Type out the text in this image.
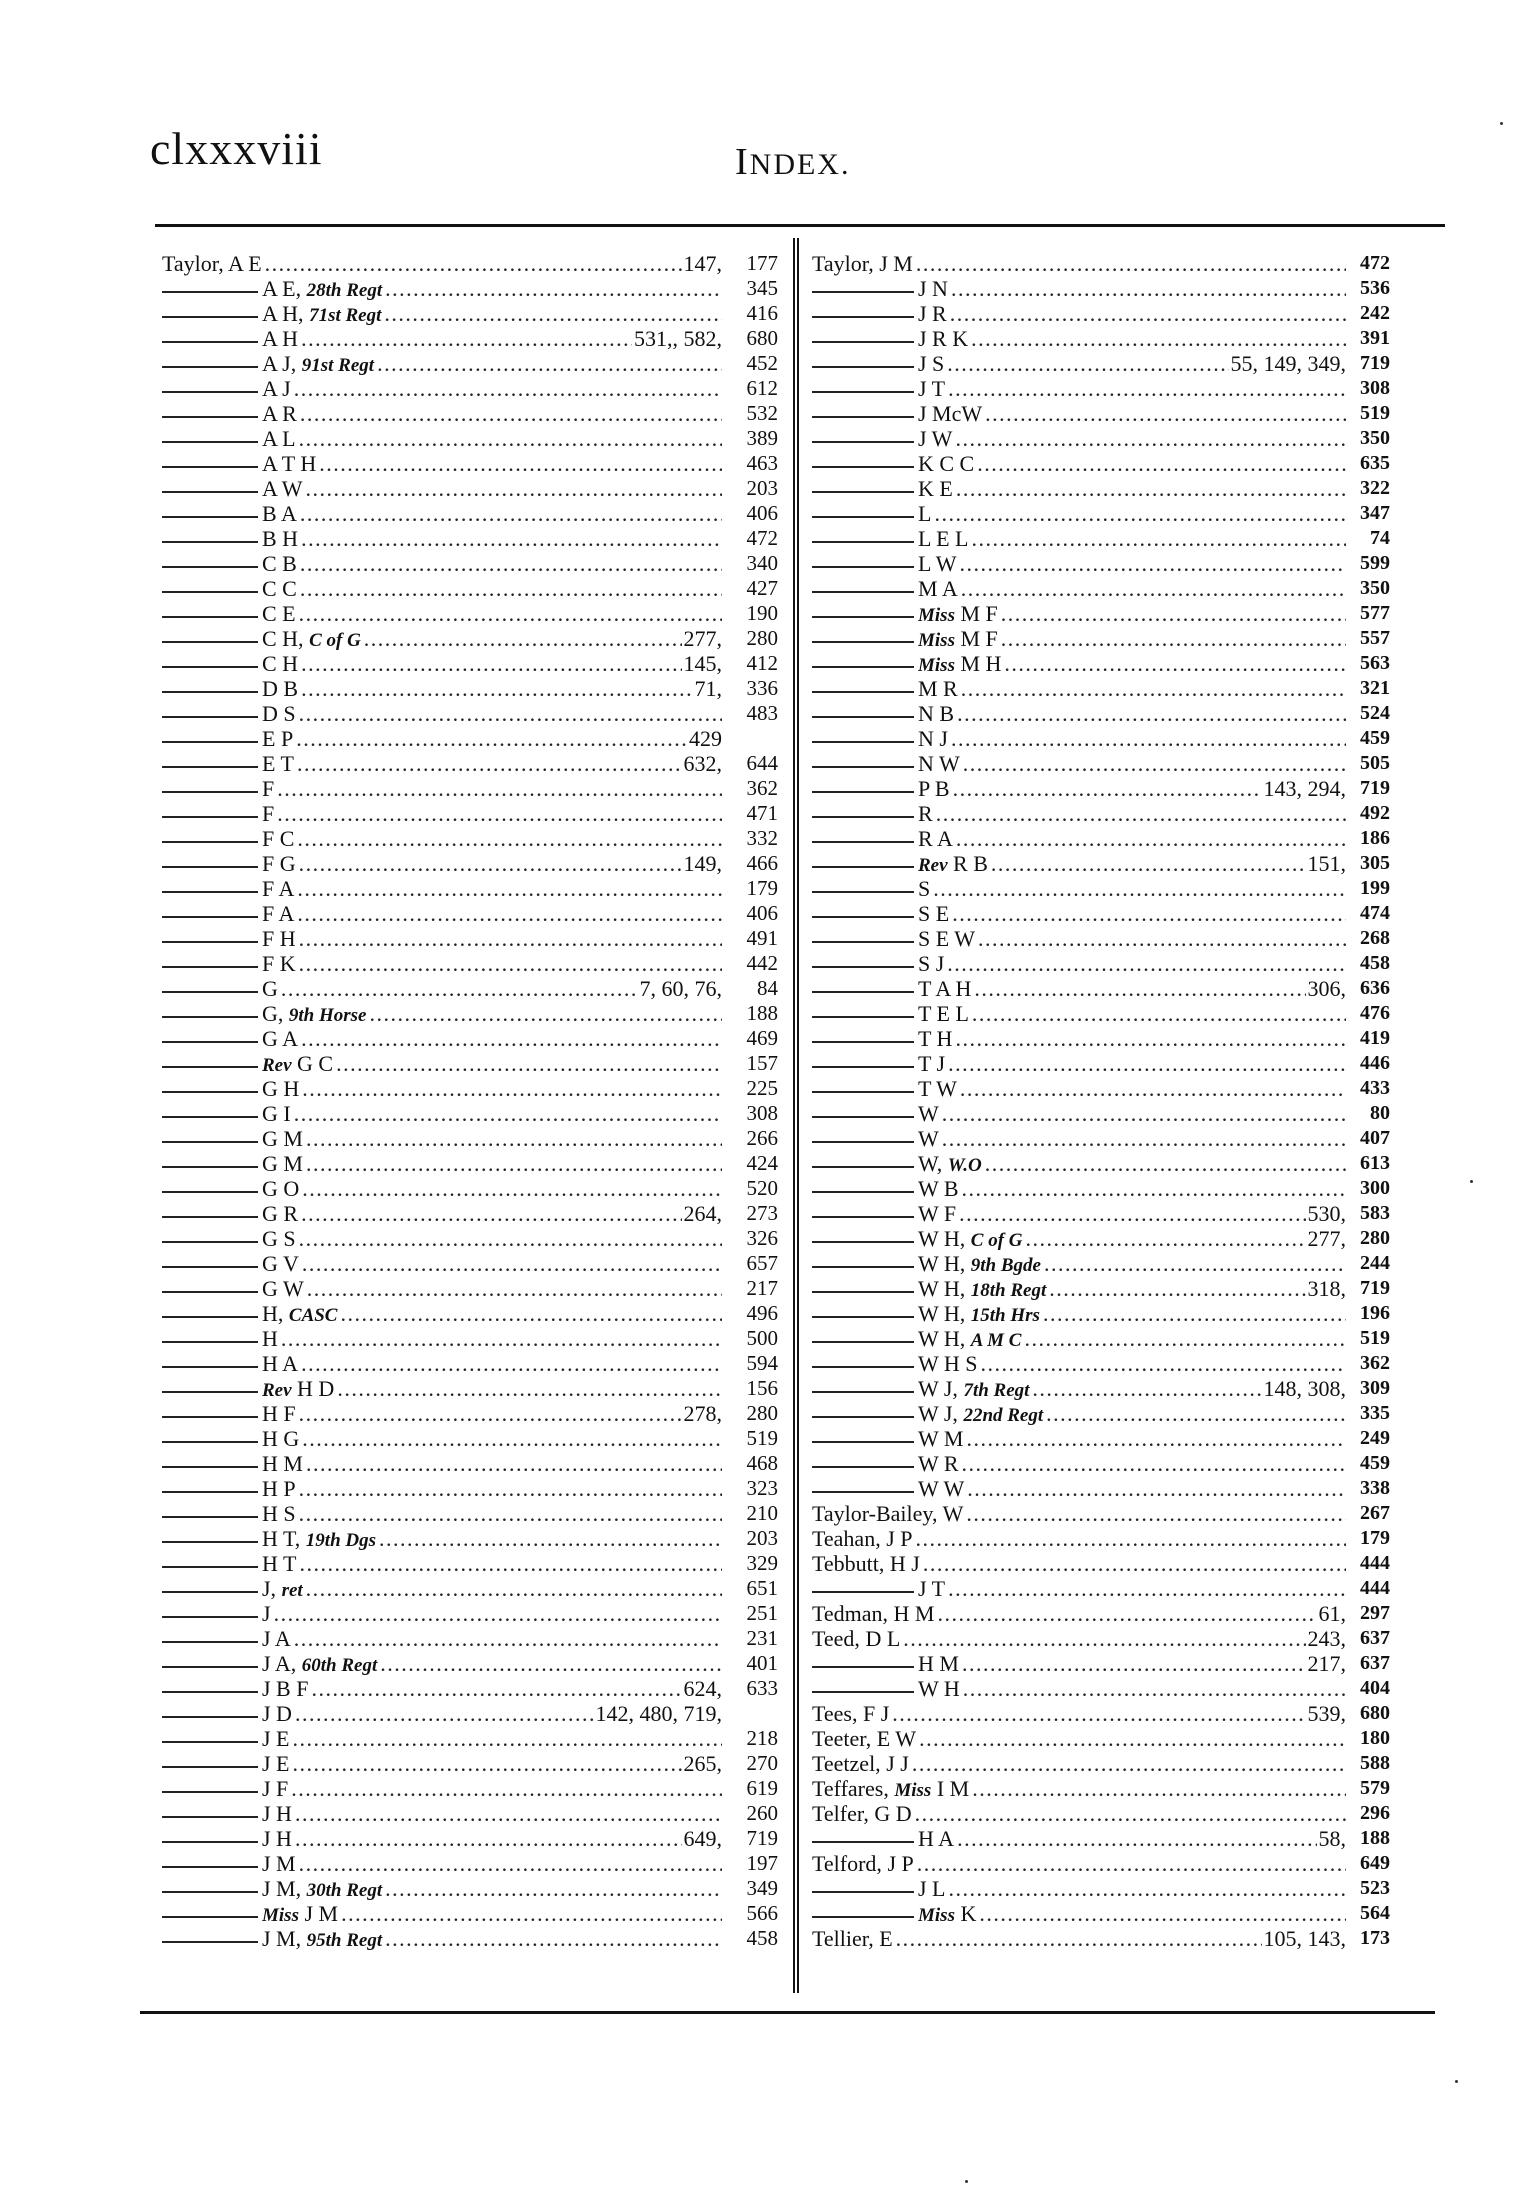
clxxxviii	INDEX.
Taylor, A E . . .	147,	177
A E, 28th Regt . . .	345
A H, 71st Regt . . .	416
A H . . .	531,, 582,	680
A J, 91st Regt . . .	452
A J . . .	612
A R . . .	532
A L . . .	389
A T H . . .	463
A W . . .	203
B A . . .	406
B H . . .	472
C B . . .	340
C C . . .	427
C E . . .	190
C H, C of G . . .	277,	280
C H . . .	145,	412
D B . . .	71,	336
D S . . .	483
E P . . .	429
E T . . .	632,	644
F . . .	362
F . . .	471
F C . . .	332
F G . . .	149,	466
F A . . .	179
F A . . .	406
F H . . .	491
F K . . .	442
G . . .	7, 60, 76,	84
G, 9th Horse . . .	188
G A . . .	469
Rev G C . . .	157
G H . . .	225
G I . . .	308
G M . . .	266
G M . . .	424
G O . . .	520
G R . . .	264,	273
G S . . .	326
G V . . .	657
G W . . .	217
H, CASC . . .	496
H . . .	500
H A . . .	594
Rev H D . . .	156
H F . . .	278,	280
H G . . .	519
H M . . .	468
H P . . .	323
H S . . .	210
H T, 19th Dgs . . .	203
H T . . .	329
J, ret . . .	651
J . . .	251
J A . . .	231
J A, 60th Regt . . .	401
J B F . . .	624,	633
J D . . .	142, 480, 719,
J E . . .	218
J E . . .	265,	270
J F . . .	619
J H . . .	260
J H . . .	649,	719
J M . . .	197
J M, 30th Regt . . .	349
Miss J M . . .	566
J M, 95th Regt . . .	458
Taylor, J M . . .	472
J N . . .	536
J R . . .	242
J R K . . .	391
J S . . .	55, 149, 349, 719
J T . . .	308
J McW . . .	519
J W . . .	350
K C C . . .	635
K E . . .	322
L . . .	347
L E L . . .	74
L W . . .	599
M A . . .	350
Miss M F . . .	577
Miss M F . . .	557
Miss M H . . .	563
M R . . .	321
N B . . .	524
N J . . .	459
N W . . .	505
P B . . .	143, 294, 719
R . . .	492
R A . . .	186
Rev R B . . .	151, 305
S . . .	199
S E . . .	474
S E W . . .	268
S J . . .	458
T A H . . .	306, 636
T E L . . .	476
T H . . .	419
T J . . .	446
T W . . .	433
W . . .	80
W . . .	407
W, W.O . . .	613
W B . . .	300
W F . . .	530, 583
W H, C of G . . .	277, 280
W H, 9th Bgde . . .	244
W H, 18th Regt . . .	318, 719
W H, 15th Hrs . . .	196
W H, A M C . . .	519
W H S . . .	362
W J, 7th Regt . . .	148, 308, 309
W J, 22nd Regt . . .	335
W M . . .	249
W R . . .	459
W W . . .	338
Taylor-Bailey, W . . .	267
Teahan, J P . . .	179
Tebbutt, H J . . .	444
J T . . .	444
Tedman, H M . . .	61, 297
Teed, D L . . .	243, 637
H M . . .	217, 637
W H . . .	404
Tees, F J . . .	539, 680
Teeter, E W . . .	180
Teetzel, J J . . .	588
Teffares, Miss I M . . .	579
Telfer, G D . . .	296
H A . . .	58, 188
Telford, J P . . .	649
J L . . .	523
Miss K . . .	564
Tellier, E . . .	105, 143, 173
